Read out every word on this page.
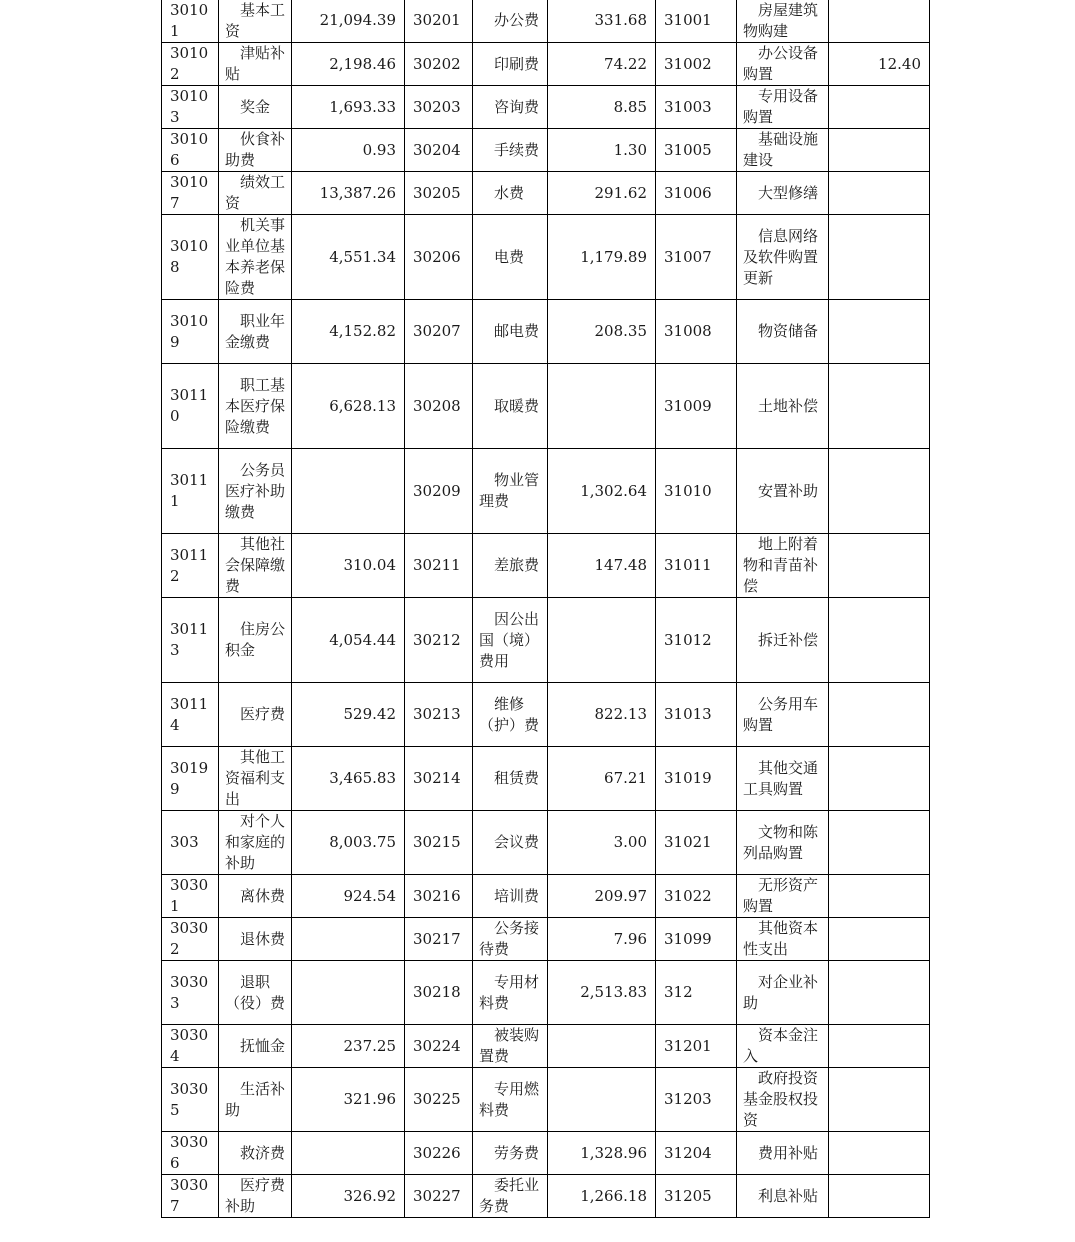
30101	基本工资	21,094.39	30201	办公费	331.68	31001	房屋建筑物购建	
30102	津贴补贴	2,198.46	30202	印刷费	74.22	31002	办公设备购置	12.40
30103	奖金	1,693.33	30203	咨询费	8.85	31003	专用设备购置	
30106	伙食补助费	0.93	30204	手续费	1.30	31005	基础设施建设	
30107	绩效工资	13,387.26	30205	水费	291.62	31006	大型修缮	
30108	机关事业单位基本养老保险费	4,551.34	30206	电费	1,179.89	31007	信息网络及软件购置更新	
30109	职业年金缴费	4,152.82	30207	邮电费	208.35	31008	物资储备	
30110	职工基本医疗保险缴费	6,628.13	30208	取暖费		31009	土地补偿	
30111	公务员医疗补助缴费		30209	物业管理费	1,302.64	31010	安置补助	
30112	其他社会保障缴费	310.04	30211	差旅费	147.48	31011	地上附着物和青苗补偿	
30113	住房公积金	4,054.44	30212	因公出国（境）费用		31012	拆迁补偿	
30114	医疗费	529.42	30213	维修（护）费	822.13	31013	公务用车购置	
30199	其他工资福利支出	3,465.83	30214	租赁费	67.21	31019	其他交通工具购置	
303	对个人和家庭的补助	8,003.75	30215	会议费	3.00	31021	文物和陈列品购置	
30301	离休费	924.54	30216	培训费	209.97	31022	无形资产购置	
30302	退休费		30217	公务接待费	7.96	31099	其他资本性支出	
30303	退职（役）费		30218	专用材料费	2,513.83	312	对企业补助	
30304	抚恤金	237.25	30224	被装购置费		31201	资本金注入	
30305	生活补助	321.96	30225	专用燃料费		31203	政府投资基金股权投资	
30306	救济费		30226	劳务费	1,328.96	31204	费用补贴	
30307	医疗费补助	326.92	30227	委托业务费	1,266.18	31205	利息补贴	
